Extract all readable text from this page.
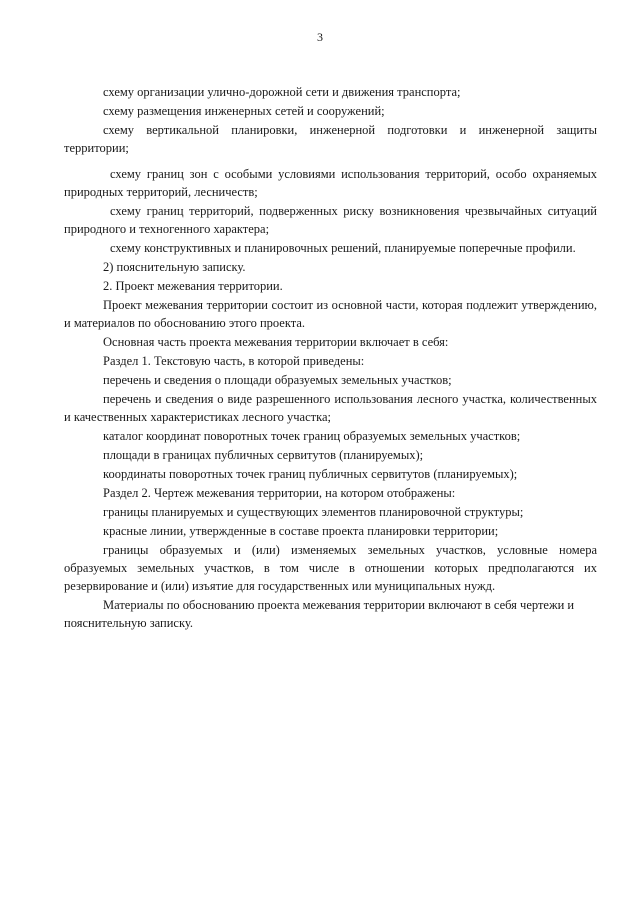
3

схему организации улично-дорожной сети и движения транспорта;

схему размещения инженерных сетей и сооружений;

схему вертикальной планировки, инженерной подготовки и инженерной защиты территории;

схему границ зон с особыми условиями использования территорий, особо охраняемых природных территорий, лесничеств;

схему границ территорий, подверженных риску возникновения чрезвычайных ситуаций природного и техногенного характера;

схему конструктивных и планировочных решений, планируемые поперечные профили.

2) пояснительную записку.

2. Проект межевания территории.

Проект межевания территории состоит из основной части, которая подлежит утверждению, и материалов по обоснованию этого проекта.

Основная часть проекта межевания территории включает в себя:

Раздел 1. Текстовую часть, в которой приведены:

перечень и сведения о площади образуемых земельных участков;

перечень и сведения о виде разрешенного использования лесного участка, количественных и качественных характеристиках лесного участка;

каталог координат поворотных точек границ образуемых земельных участков;

площади в границах публичных сервитутов (планируемых);

координаты поворотных точек границ публичных сервитутов (планируемых);

Раздел 2. Чертеж межевания территории, на котором отображены:

границы планируемых и существующих элементов планировочной структуры;

красные линии, утвержденные в составе проекта планировки территории;

границы образуемых и (или) изменяемых земельных участков, условные номера образуемых земельных участков, в том числе в отношении которых предполагаются их резервирование и (или) изъятие для государственных или муниципальных нужд.

Материалы по обоснованию проекта межевания территории включают в себя чертежи и пояснительную записку.
